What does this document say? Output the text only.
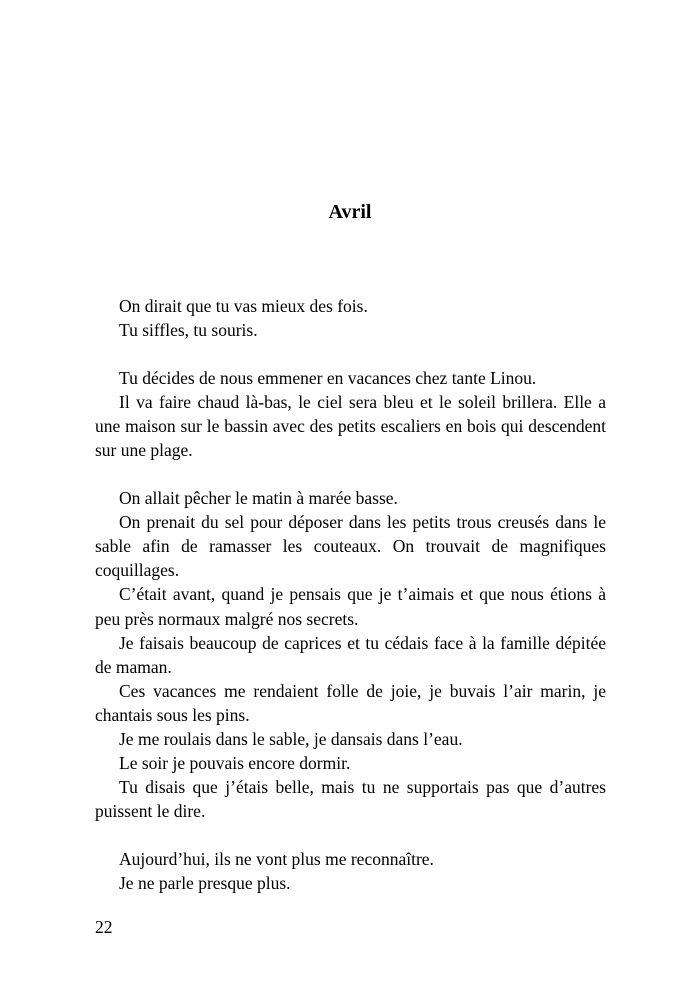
Avril

On dirait que tu vas mieux des fois.

Tu siffles, tu souris.

Tu décides de nous emmener en vacances chez tante Linou.

Il va faire chaud là-bas, le ciel sera bleu et le soleil brillera. Elle a une maison sur le bassin avec des petits escaliers en bois qui descendent sur une plage.

On allait pêcher le matin à marée basse.

On prenait du sel pour déposer dans les petits trous creusés dans le sable afin de ramasser les couteaux. On trouvait de magnifiques coquillages.

C’était avant, quand je pensais que je t’aimais et que nous étions à peu près normaux malgré nos secrets.

Je faisais beaucoup de caprices et tu cédais face à la famille dépitée de maman.

Ces vacances me rendaient folle de joie, je buvais l’air marin, je chantais sous les pins.

Je me roulais dans le sable, je dansais dans l’eau.

Le soir je pouvais encore dormir.

Tu disais que j’étais belle, mais tu ne supportais pas que d’autres puissent le dire.

Aujourd’hui, ils ne vont plus me reconnaître.

Je ne parle presque plus.

22
